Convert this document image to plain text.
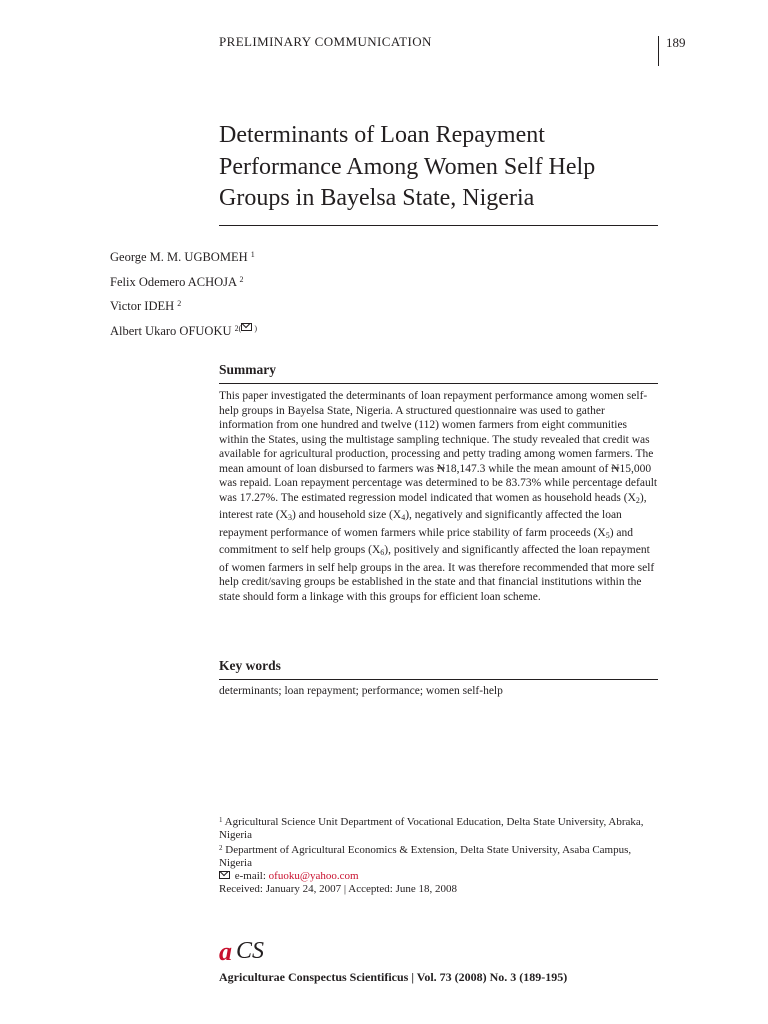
PRELIMINARY COMMUNICATION	189
Determinants of Loan Repayment
Performance Among Women Self Help
Groups in Bayelsa State, Nigeria
George M. M. UGBOMEH $^1$
Felix Odemero ACHOJA $^2$
Victor IDEH $^2$
Albert Ukaro OFUOKU $^{2( )}$
Summary
This paper investigated the determinants of loan repayment performance among women self-help groups in Bayelsa State, Nigeria. A structured questionnaire was used to gather information from one hundred and twelve (112) women farmers from eight communities within the States, using the multistage sampling technique. The study revealed that credit was available for agricultural production, processing and petty trading among women farmers. The mean amount of loan disbursed to farmers was ₦18,147.3 while the mean amount of ₦15,000 was repaid. Loan repayment percentage was determined to be 83.73% while percentage default was 17.27%. The estimated regression model indicated that women as household heads $(X_2)$, interest rate $(X_3)$ and household size $(X_4)$, negatively and significantly affected the loan repayment performance of women farmers while price stability of farm proceeds $(X_5)$ and commitment to self help groups $(X_6)$, positively and significantly affected the loan repayment of women farmers in self help groups in the area. It was therefore recommended that more self help credit/saving groups be established in the state and that financial institutions within the state should form a linkage with this groups for efficient loan scheme.
Key words
determinants; loan repayment; performance; women self-help
$^1$ Agricultural Science Unit Department of Vocational Education, Delta State University, Abraka, Nigeria
$^2$ Department of Agricultural Economics & Extension, Delta State University, Asaba Campus, Nigeria
e-mail: ofuoku@yahoo.com
Received: January 24, 2007 | Accepted: June 18, 2008
a CS
Agriculturae Conspectus Scientificus | Vol. 73 (2008) No. 3 (189-195)
